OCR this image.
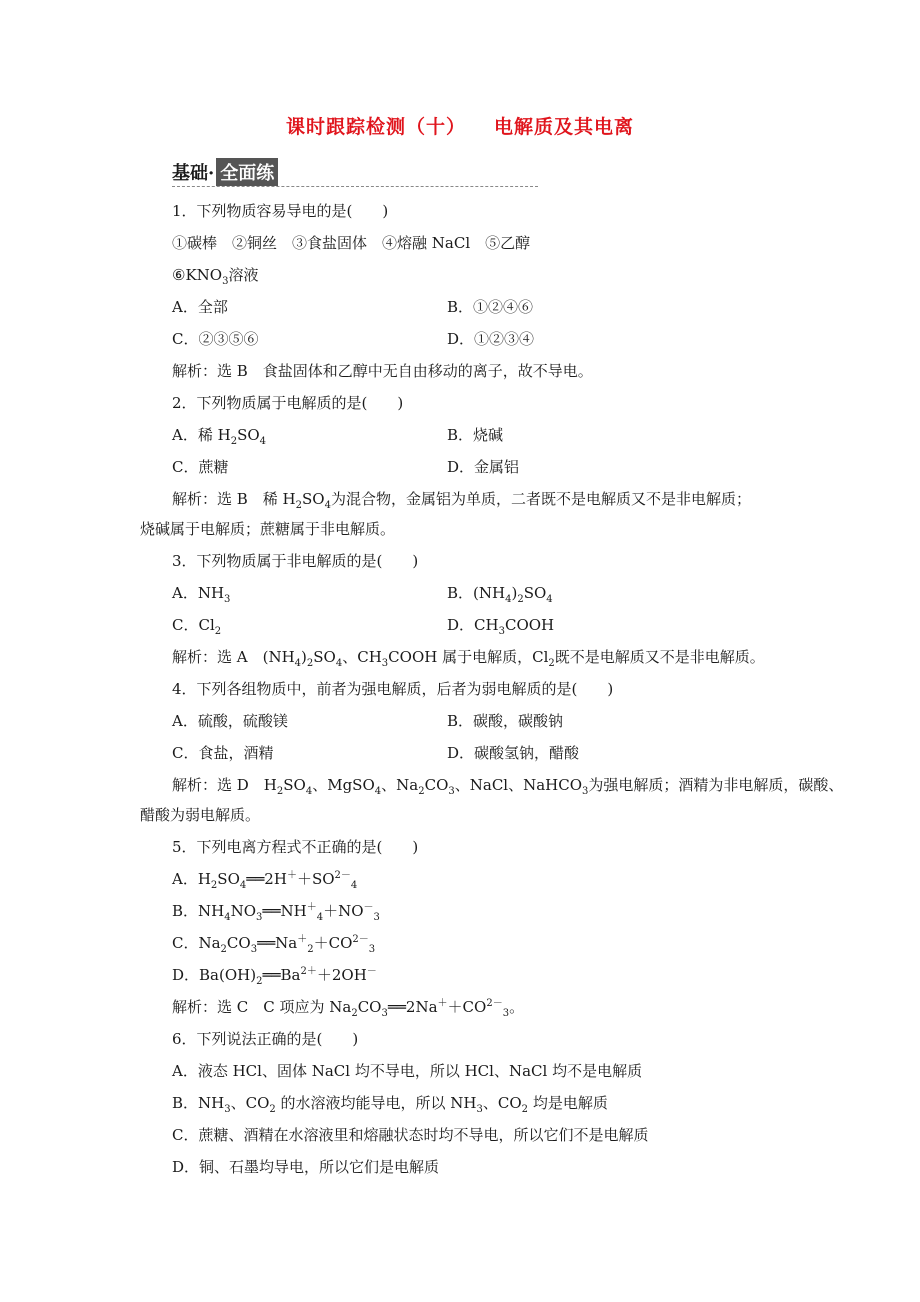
课时跟踪检测（十） 电解质及其电离
基础· 全面练
1．下列物质容易导电的是(　　)
①碳棒　②铜丝　③食盐固体　④熔融 NaCl　⑤乙醇
$⑥KNO_3$溶液
A．全部	B．①②④⑥
C．②③⑤⑥	D．①②③④
解析：选 B　食盐固体和乙醇中无自由移动的离子，故不导电。
2．下列物质属于电解质的是(　　)
A．稀 $H_2SO_4$	B．烧碱
C．蔗糖	D．金属铝
解析：选 B　稀 $H_2SO_4$为混合物，金属铝为单质，二者既不是电解质又不是非电解质；
烧碱属于电解质；蔗糖属于非电解质。
3．下列物质属于非电解质的是(　　)
A．$NH_3$	B．$(NH_4)_2SO_4$
C．$Cl_2$	D．$CH_3COOH$
解析：选 A　$(NH_4)_2SO_4$、$CH_3COOH$ 属于电解质，$Cl_2$既不是电解质又不是非电解质。
4．下列各组物质中，前者为强电解质，后者为弱电解质的是(　　)
A．硫酸，硫酸镁	B．碳酸，碳酸钠
C．食盐，酒精	D．碳酸氢钠，醋酸
解析：选 D　$H_2SO_4$、MgSO$_4$、$Na_2CO_3$、NaCl、NaHCO$_3$为强电解质；酒精为非电解质，碳酸、
醋酸为弱电解质。
5．下列电离方程式不正确的是(　　)
A．$H_2SO_4══2H^++SO^{2-}_4$
B．$NH_4NO_3══NH^+_4+NO^-_3$
C．$Na_2CO_3══Na^+_2+CO^{2-}_3$
D．$Ba(OH)_2══Ba^{2+}+2OH^-$
解析：选 C　C 项应为 $Na_2CO_3══2Na^++CO^{2-}_3$。
6．下列说法正确的是(　　)
A．液态 HCl、固体 NaCl 均不导电，所以 HCl、NaCl 均不是电解质
B．$NH_3$、$CO_2$ 的水溶液均能导电，所以 $NH_3$、$CO_2$ 均是电解质
C．蔗糖、酒精在水溶液里和熔融状态时均不导电，所以它们不是电解质
D．铜、石墨均导电，所以它们是电解质
